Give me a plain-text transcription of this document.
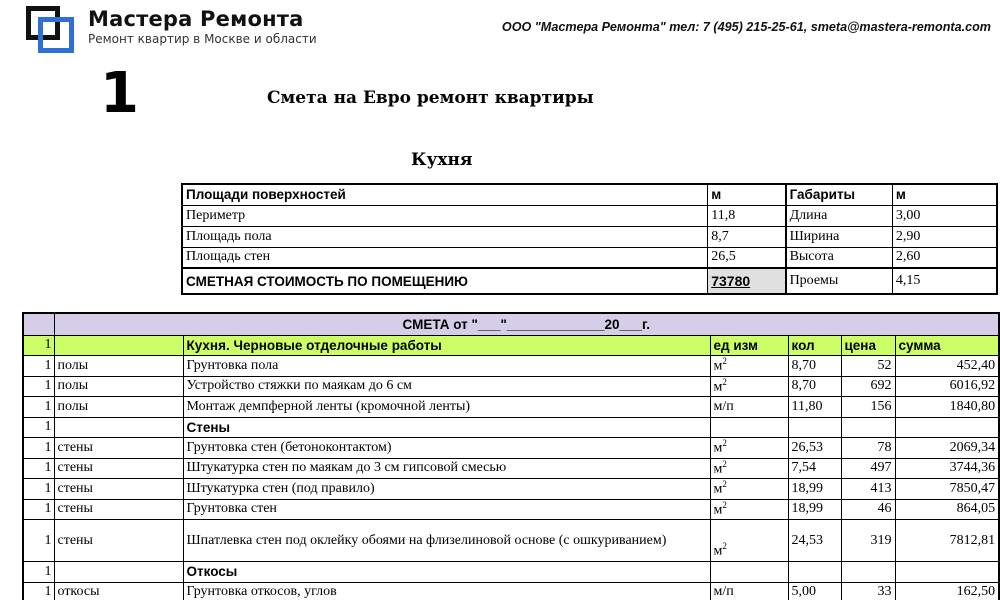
Мастера Ремонта
Ремонт квартир в Москве и области
ООО "Мастера Ремонта" тел: 7 (495) 215-25-61, smeta@mastera-remonta.com
1	Смета на Евро ремонт квартиры
Кухня
Площади поверхностей	м	Габариты	м
Периметр	11,8	Длина	3,00
Площадь пола	8,7	Ширина	2,90
Площадь стен	26,5	Высота	2,60
СМЕТНАЯ СТОИМОСТЬ ПО ПОМЕЩЕНИЮ	73780	Проемы	4,15
	СМЕТА от "___"_____________20___г.					
1		Кухня. Черновые отделочные работы	ед изм	кол	цена	сумма
1	полы	Грунтовка пола	$м^2$	8,70	52	452,40
1	полы	Устройство стяжки по маякам до 6 см	$м^2$	8,70	692	6016,92
1	полы	Монтаж демпферной ленты (кромочной ленты)	м/п	11,80	156	1840,80
1		Стены				
1	стены	Грунтовка стен (бетоноконтактом)	$м^2$	26,53	78	2069,34
1	стены	Штукатурка стен по маякам до 3 см гипсовой смесью	$м^2$	7,54	497	3744,36
1	стены	Штукатурка стен (под правило)	$м^2$	18,99	413	7850,47
1	стены	Грунтовка стен	$м^2$	18,99	46	864,05
1	стены	Шпатлевка стен под оклейку обоями на флизелиновой основе (с ошкуриванием)	$м^2$	24,53	319	7812,81
1		Откосы				
1	откосы	Грунтовка откосов, углов	м/п	5,00	33	162,50
